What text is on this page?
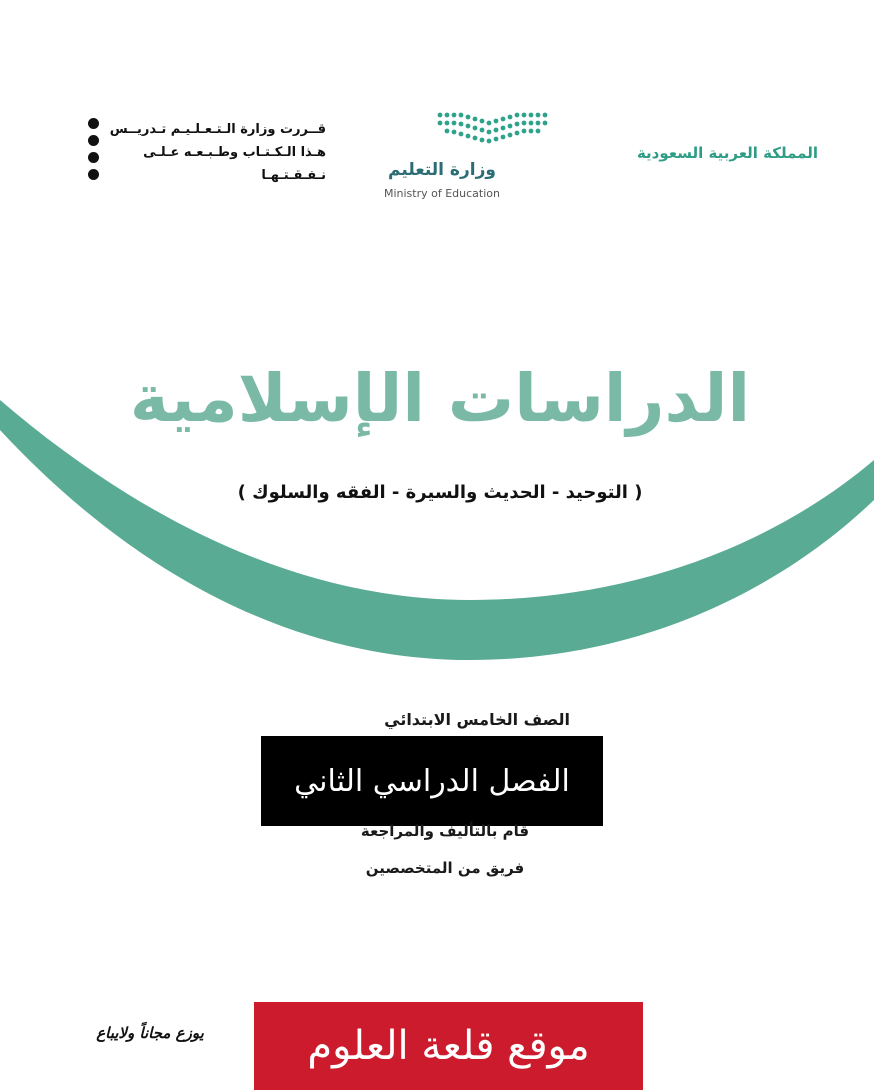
المملكة العربية السعودية
وزارة التعليم
Ministry of Education
قــررت وزارة الـتـعـلـيـم تـدريــس
هـذا الـكـتـاب وطـبـعـه عـلـى نـفـقـتـهـا
الدراسات الإسلامية
( التوحيد - الحديث والسيرة - الفقه والسلوك )
الصف الخامس الابتدائي
الفصل الدراسي الثاني
قام بالتأليف والمراجعة
فريق من المتخصصين
يوزع مجاناً ولايباع	موقع قلعة العلوم
